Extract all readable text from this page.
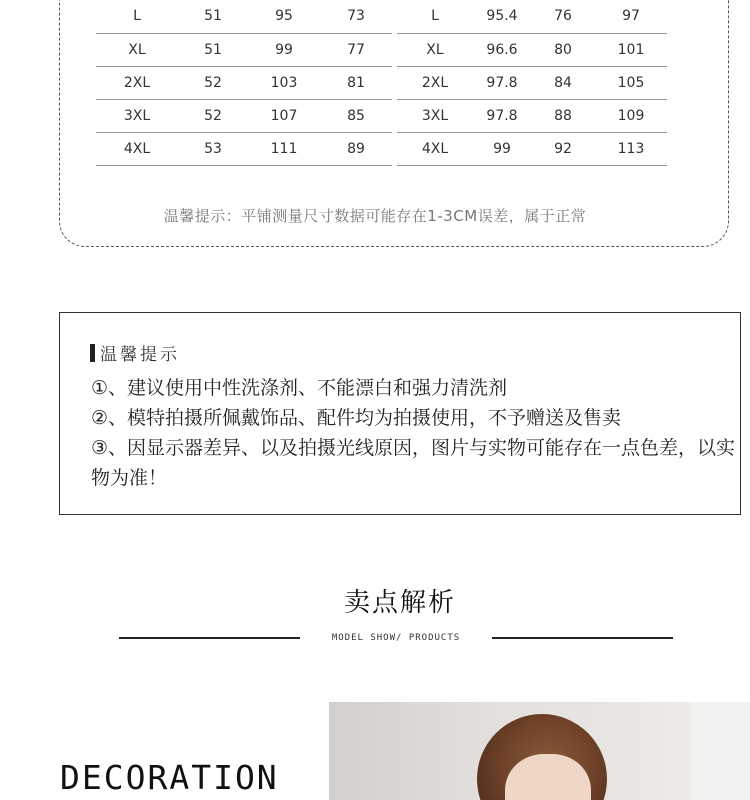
L	51	95	73
XL	51	99	77
2XL	52	103	81
3XL	52	107	85
4XL	53	111	89
L	95.4	76	97
XL	96.6	80	101
2XL	97.8	84	105
3XL	97.8	88	109
4XL	99	92	113
温馨提示：平铺测量尺寸数据可能存在1-3CM误差，属于正常
温馨提示
①、建议使用中性洗涤剂、不能漂白和强力清洗剂
②、模特拍摄所佩戴饰品、配件均为拍摄使用，不予赠送及售卖
③、因显示器差异、以及拍摄光线原因，图片与实物可能存在一点色差，以实物为准！
卖点解析
MODEL SHOW/ PRODUCTS
DECORATION
